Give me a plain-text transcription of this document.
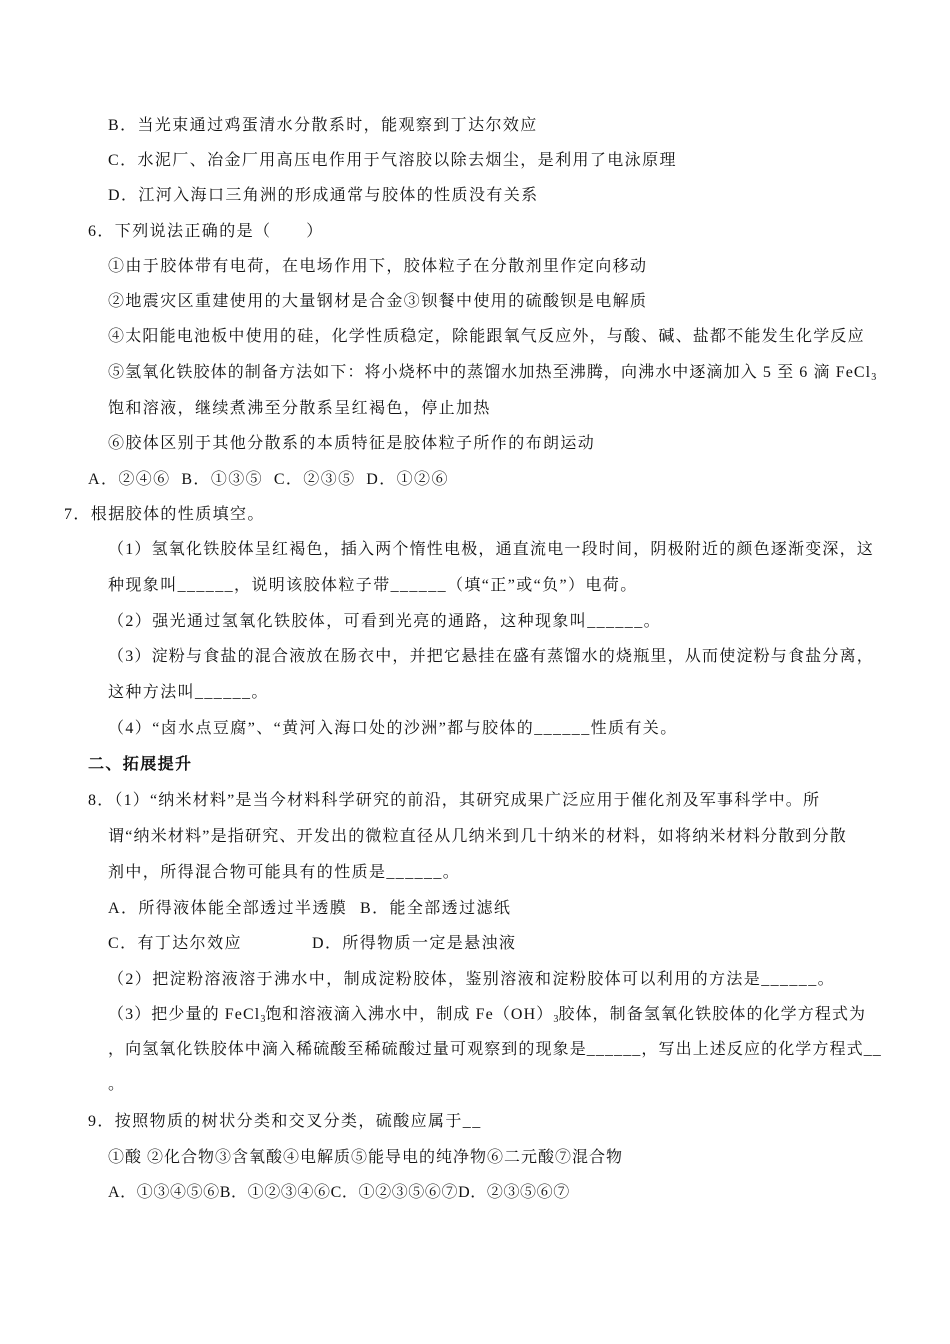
B．当光束通过鸡蛋清水分散系时，能观察到丁达尔效应
C．水泥厂、冶金厂用高压电作用于气溶胶以除去烟尘，是利用了电泳原理
D．江河入海口三角洲的形成通常与胶体的性质没有关系
6．下列说法正确的是（　　）
①由于胶体带有电荷，在电场作用下，胶体粒子在分散剂里作定向移动
②地震灾区重建使用的大量钢材是合金③钡餐中使用的硫酸钡是电解质
④太阳能电池板中使用的硅，化学性质稳定，除能跟氧气反应外，与酸、碱、盐都不能发生化学反应
⑤氢氧化铁胶体的制备方法如下：将小烧杯中的蒸馏水加热至沸腾，向沸水中逐滴加入 5 至 6 滴 FeCl$_3$
饱和溶液，继续煮沸至分散系呈红褐色，停止加热
⑥胶体区别于其他分散系的本质特征是胶体粒子所作的布朗运动
A．②④⑥  B．①③⑤  C．②③⑤  D．①②⑥
7．根据胶体的性质填空。
（1）氢氧化铁胶体呈红褐色，插入两个惰性电极，通直流电一段时间，阴极附近的颜色逐渐变深，这
种现象叫______，说明该胶体粒子带______（填“正”或“负”）电荷。
（2）强光通过氢氧化铁胶体，可看到光亮的通路，这种现象叫______。
（3）淀粉与食盐的混合液放在肠衣中，并把它悬挂在盛有蒸馏水的烧瓶里，从而使淀粉与食盐分离，
这种方法叫______。
（4）“卤水点豆腐”、“黄河入海口处的沙洲”都与胶体的______性质有关。
二、拓展提升
8．（1）“纳米材料”是当今材料科学研究的前沿，其研究成果广泛应用于催化剂及军事科学中。所
谓“纳米材料”是指研究、开发出的微粒直径从几纳米到几十纳米的材料，如将纳米材料分散到分散
剂中，所得混合物可能具有的性质是______。
A．所得液体能全部透过半透膜 B．能全部透过滤纸
C．有丁达尔效应	D．所得物质一定是悬浊液
（2）把淀粉溶液溶于沸水中，制成淀粉胶体，鉴别溶液和淀粉胶体可以利用的方法是______。
（3）把少量的 FeCl$_3$饱和溶液滴入沸水中，制成 $Fe(OH)_3$胶体，制备氢氧化铁胶体的化学方程式为
，向氢氧化铁胶体中滴入稀硫酸至稀硫酸过量可观察到的现象是______，写出上述反应的化学方程式__
。
9．按照物质的树状分类和交叉分类，硫酸应属于__
①酸 ②化合物③含氧酸④电解质⑤能导电的纯净物⑥二元酸⑦混合物
A．①③④⑤⑥B．①②③④⑥C．①②③⑤⑥⑦D．②③⑤⑥⑦
